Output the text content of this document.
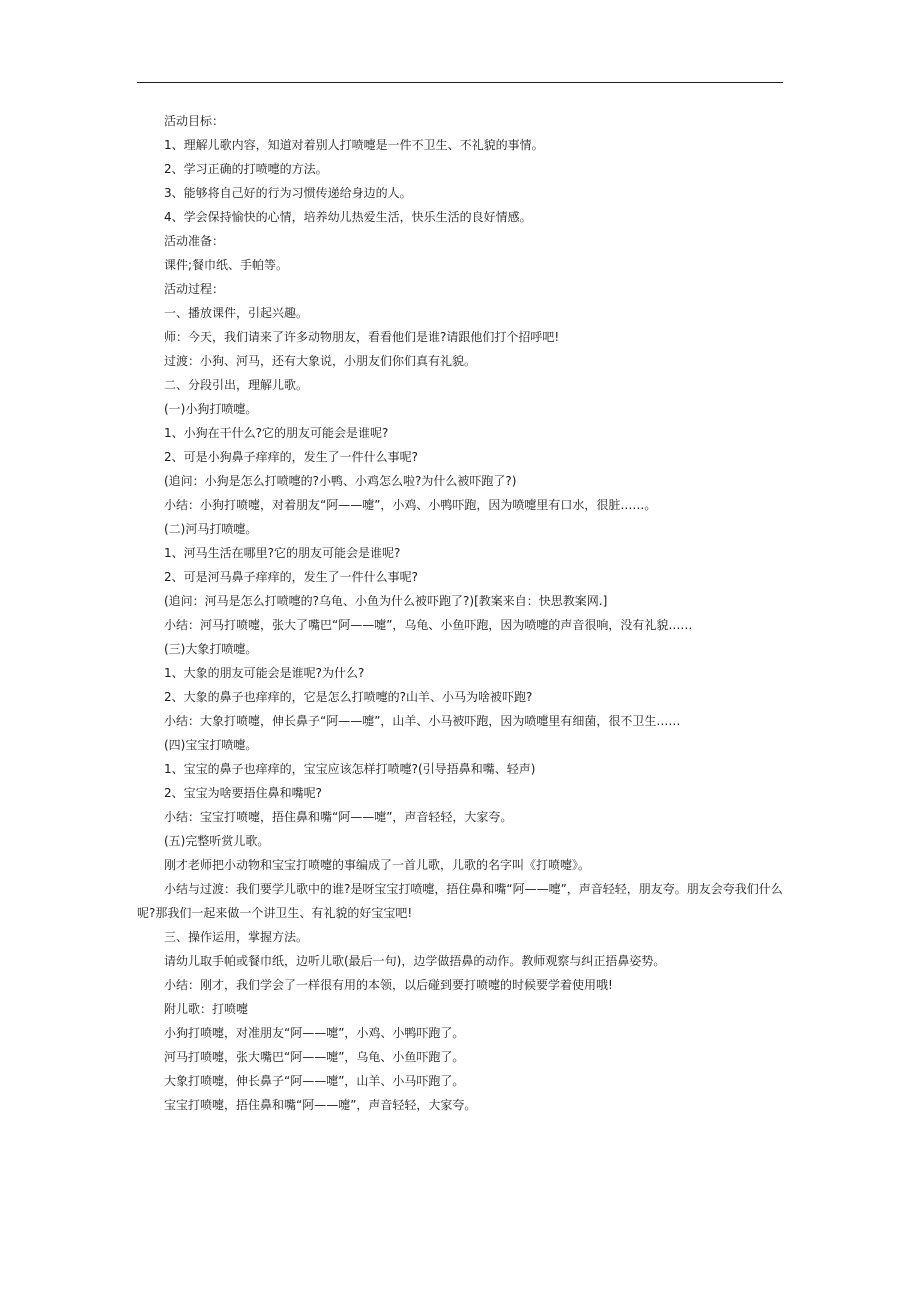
活动目标：
1、理解儿歌内容，知道对着别人打喷嚏是一件不卫生、不礼貌的事情。
2、学习正确的打喷嚏的方法。
3、能够将自己好的行为习惯传递给身边的人。
4、学会保持愉快的心情，培养幼儿热爱生活，快乐生活的良好情感。
活动准备：
课件;餐巾纸、手帕等。
活动过程：
一、播放课件，引起兴趣。
师：今天，我们请来了许多动物朋友，看看他们是谁?请跟他们打个招呼吧!
过渡：小狗、河马，还有大象说，小朋友们你们真有礼貌。
二、分段引出，理解儿歌。
(一)小狗打喷嚏。
1、小狗在干什么?它的朋友可能会是谁呢?
2、可是小狗鼻子痒痒的，发生了一件什么事呢?
(追问：小狗是怎么打喷嚏的?小鸭、小鸡怎么啦?为什么被吓跑了?)
小结：小狗打喷嚏，对着朋友“阿——嚏”，小鸡、小鸭吓跑，因为喷嚏里有口水，很脏……。
(二)河马打喷嚏。
1、河马生活在哪里?它的朋友可能会是谁呢?
2、可是河马鼻子痒痒的，发生了一件什么事呢?
(追问：河马是怎么打喷嚏的?乌龟、小鱼为什么被吓跑了?)[教案来自：快思教案网.]
小结：河马打喷嚏，张大了嘴巴“阿——嚏”，乌龟、小鱼吓跑，因为喷嚏的声音很响，没有礼貌……
(三)大象打喷嚏。
1、大象的朋友可能会是谁呢?为什么?
2、大象的鼻子也痒痒的，它是怎么打喷嚏的?山羊、小马为啥被吓跑?
小结：大象打喷嚏，伸长鼻子“阿——嚏”，山羊、小马被吓跑，因为喷嚏里有细菌，很不卫生……
(四)宝宝打喷嚏。
1、宝宝的鼻子也痒痒的，宝宝应该怎样打喷嚏?(引导捂鼻和嘴、轻声)
2、宝宝为啥要捂住鼻和嘴呢?
小结：宝宝打喷嚏，捂住鼻和嘴“阿——嚏”，声音轻轻，大家夸。
(五)完整听赏儿歌。
刚才老师把小动物和宝宝打喷嚏的事编成了一首儿歌，儿歌的名字叫《打喷嚏》。
小结与过渡：我们要学儿歌中的谁?是呀宝宝打喷嚏，捂住鼻和嘴“阿——嚏”，声音轻轻，朋友夸。朋友会夸我们什么呢?那我们一起来做一个讲卫生、有礼貌的好宝宝吧!
三、操作运用，掌握方法。
请幼儿取手帕或餐巾纸，边听儿歌(最后一句)，边学做捂鼻的动作。教师观察与纠正捂鼻姿势。
小结：刚才，我们学会了一样很有用的本领，以后碰到要打喷嚏的时候要学着使用哦!
附儿歌：打喷嚏
小狗打喷嚏，对准朋友“阿——嚏”，小鸡、小鸭吓跑了。
河马打喷嚏，张大嘴巴“阿——嚏”，乌龟、小鱼吓跑了。
大象打喷嚏，伸长鼻子“阿——嚏”，山羊、小马吓跑了。
宝宝打喷嚏，捂住鼻和嘴“阿——嚏”，声音轻轻，大家夸。
